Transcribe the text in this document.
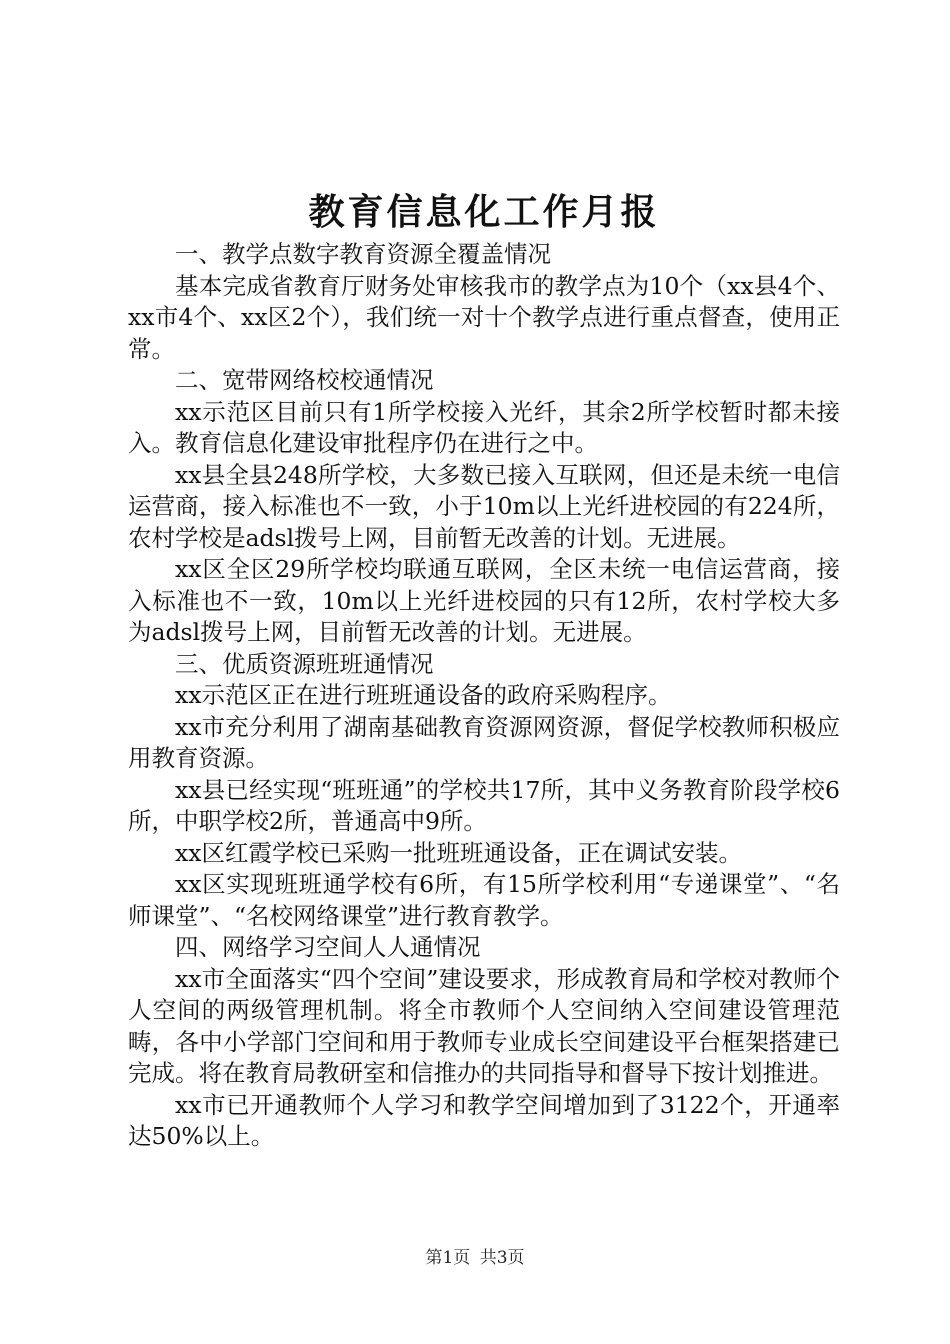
教育信息化工作月报

一、教学点数字教育资源全覆盖情况

基本完成省教育厅财务处审核我市的教学点为10个（xx县4个、xx市4个、xx区2个），我们统一对十个教学点进行重点督查，使用正常。

二、宽带网络校校通情况

xx示范区目前只有1所学校接入光纤，其余2所学校暂时都未接入。教育信息化建设审批程序仍在进行之中。

xx县全县248所学校，大多数已接入互联网，但还是未统一电信运营商，接入标准也不一致，小于10m以上光纤进校园的有224所，农村学校是adsl拨号上网，目前暂无改善的计划。无进展。

xx区全区29所学校均联通互联网，全区未统一电信运营商，接入标准也不一致，10m以上光纤进校园的只有12所，农村学校大多为adsl拨号上网，目前暂无改善的计划。无进展。

三、优质资源班班通情况

xx示范区正在进行班班通设备的政府采购程序。

xx市充分利用了湖南基础教育资源网资源，督促学校教师积极应用教育资源。

xx县已经实现“班班通”的学校共17所，其中义务教育阶段学校6所，中职学校2所，普通高中9所。

xx区红霞学校已采购一批班班通设备，正在调试安装。

xx区实现班班通学校有6所，有15所学校利用“专递课堂”、“名师课堂”、“名校网络课堂”进行教育教学。

四、网络学习空间人人通情况

xx市全面落实“四个空间”建设要求，形成教育局和学校对教师个人空间的两级管理机制。将全市教师个人空间纳入空间建设管理范畴，各中小学部门空间和用于教师专业成长空间建设平台框架搭建已完成。将在教育局教研室和信推办的共同指导和督导下按计划推进。

xx市已开通教师个人学习和教学空间增加到了3122个，开通率达50%以上。

第1页 共3页
